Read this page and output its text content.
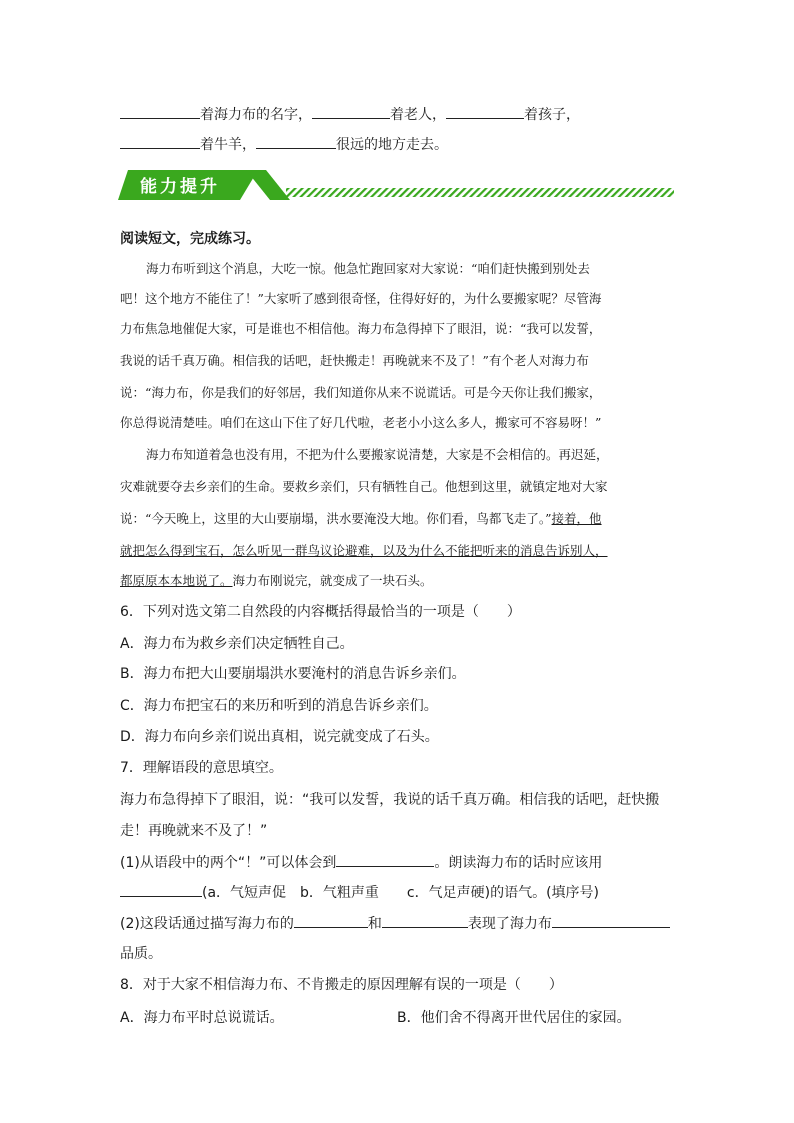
着海力布的名字，	着老人，	着孩子，
着牛羊，	很远的地方走去。
能力提升
阅读短文，完成练习。
海力布听到这个消息，大吃一惊。他急忙跑回家对大家说：“咱们赶快搬到别处去
吧！这个地方不能住了！”大家听了感到很奇怪，住得好好的，为什么要搬家呢？尽管海
力布焦急地催促大家，可是谁也不相信他。海力布急得掉下了眼泪，说：“我可以发誓，
我说的话千真万确。相信我的话吧，赶快搬走！再晚就来不及了！”有个老人对海力布
说：“海力布，你是我们的好邻居，我们知道你从来不说谎话。可是今天你让我们搬家，
你总得说清楚哇。咱们在这山下住了好几代啦，老老小小这么多人，搬家可不容易呀！”
海力布知道着急也没有用，不把为什么要搬家说清楚，大家是不会相信的。再迟延，
灾难就要夺去乡亲们的生命。要救乡亲们，只有牺牲自己。他想到这里，就镇定地对大家
说：“今天晚上，这里的大山要崩塌，洪水要淹没大地。你们看，鸟都飞走了。”接着，他
就把怎么得到宝石，怎么听见一群鸟议论避难，以及为什么不能把听来的消息告诉别人，
都原原本本地说了。海力布刚说完，就变成了一块石头。
6．下列对选文第二自然段的内容概括得最恰当的一项是（　　）
A．海力布为救乡亲们决定牺牲自己。
B．海力布把大山要崩塌洪水要淹村的消息告诉乡亲们。
C．海力布把宝石的来历和听到的消息告诉乡亲们。
D．海力布向乡亲们说出真相，说完就变成了石头。
7．理解语段的意思填空。
海力布急得掉下了眼泪，说：“我可以发誓，我说的话千真万确。相信我的话吧，赶快搬
走！再晚就来不及了！”
(1)从语段中的两个“！”可以体会到	。朗读海力布的话时应该用
(a．气短声促　b．气粗声重　　c．气足声硬)的语气。(填序号)
(2)这段话通过描写海力布的	和	表现了海力布
品质。
8．对于大家不相信海力布、不肯搬走的原因理解有误的一项是（　　）
A．海力布平时总说谎话。	B．他们舍不得离开世代居住的家园。
